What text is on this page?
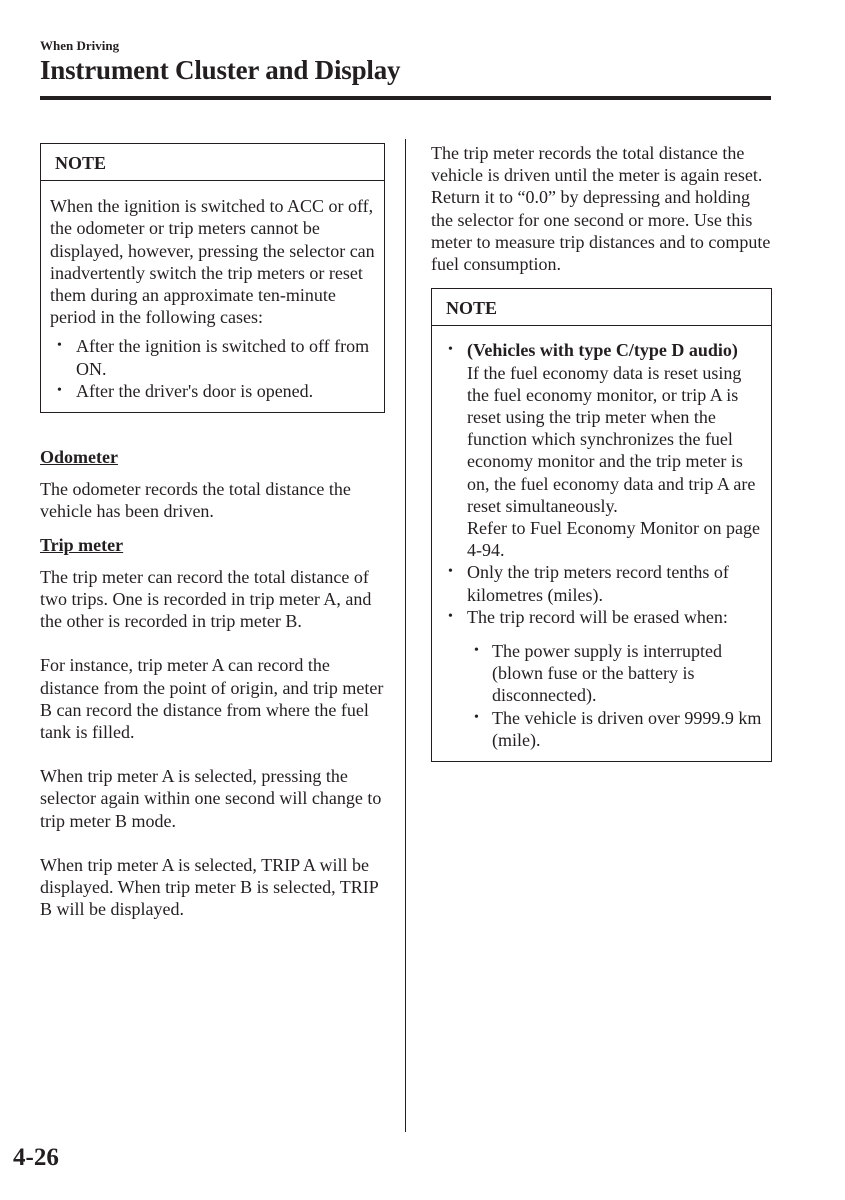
When Driving
Instrument Cluster and Display
NOTE

When the ignition is switched to ACC or off, the odometer or trip meters cannot be displayed, however, pressing the selector can inadvertently switch the trip meters or reset them during an approximate ten-minute period in the following cases:

• After the ignition is switched to off from ON.
• After the driver's door is opened.

Odometer

The odometer records the total distance the vehicle has been driven.

Trip meter

The trip meter can record the total distance of two trips. One is recorded in trip meter A, and the other is recorded in trip meter B.

For instance, trip meter A can record the distance from the point of origin, and trip meter B can record the distance from where the fuel tank is filled.

When trip meter A is selected, pressing the selector again within one second will change to trip meter B mode.

When trip meter A is selected, TRIP A will be displayed. When trip meter B is selected, TRIP B will be displayed.

The trip meter records the total distance the vehicle is driven until the meter is again reset. Return it to “0.0” by depressing and holding the selector for one second or more. Use this meter to measure trip distances and to compute fuel consumption.

NOTE
• (Vehicles with type C/type D audio)
If the fuel economy data is reset using the fuel economy monitor, or trip A is reset using the trip meter when the function which synchronizes the fuel economy monitor and the trip meter is on, the fuel economy data and trip A are reset simultaneously.
Refer to Fuel Economy Monitor on page 4-94.
• Only the trip meters record tenths of kilometres (miles).
• The trip record will be erased when:
• The power supply is interrupted (blown fuse or the battery is disconnected).
• The vehicle is driven over 9999.9 km (mile).
4-26
